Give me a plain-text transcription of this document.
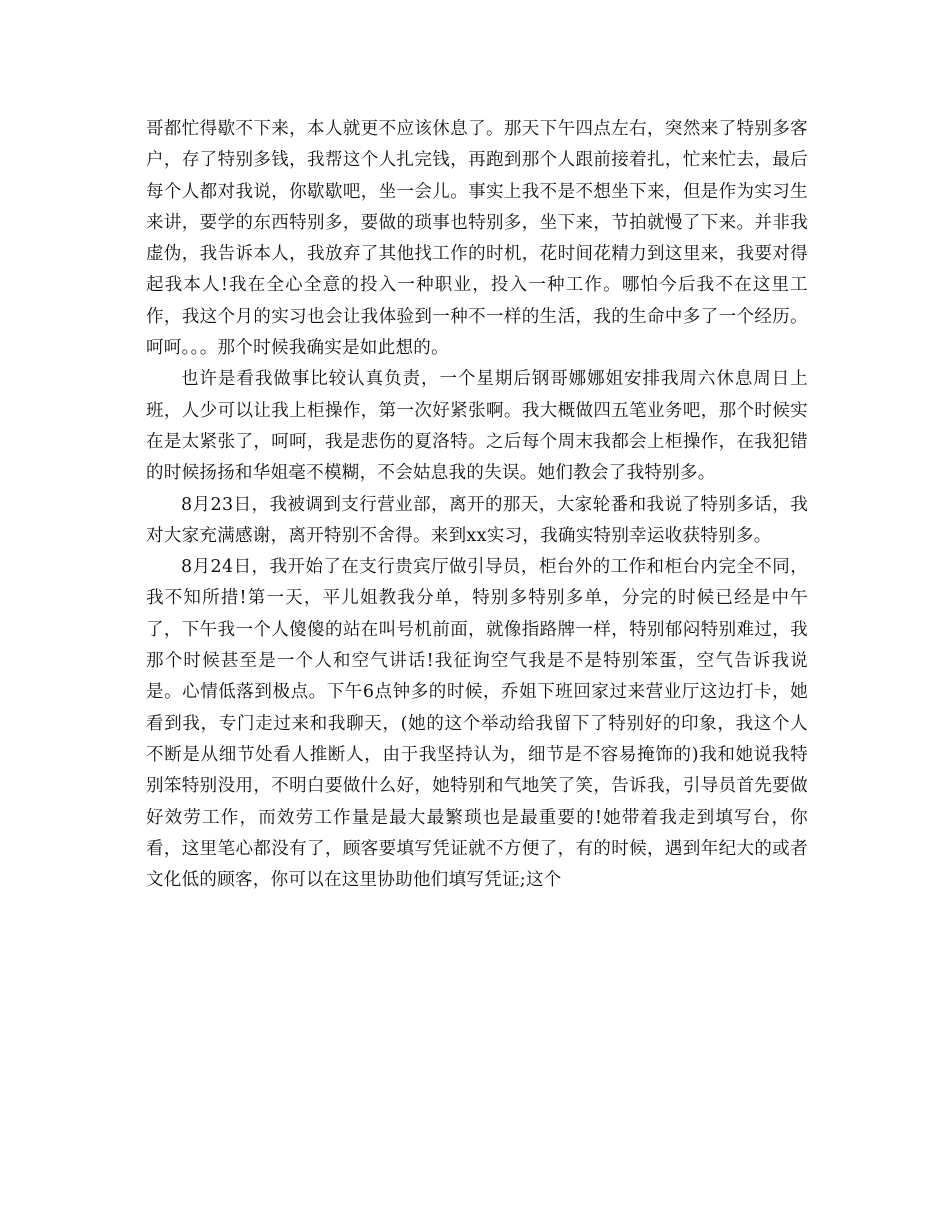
哥都忙得歇不下来，本人就更不应该休息了。那天下午四点左右，突然来了特别多客户，存了特别多钱，我帮这个人扎完钱，再跑到那个人跟前接着扎，忙来忙去，最后每个人都对我说，你歇歇吧，坐一会儿。事实上我不是不想坐下来，但是作为实习生来讲，要学的东西特别多，要做的琐事也特别多，坐下来，节拍就慢了下来。并非我虚伪，我告诉本人，我放弃了其他找工作的时机，花时间花精力到这里来，我要对得起我本人!我在全心全意的投入一种职业，投入一种工作。哪怕今后我不在这里工作，我这个月的实习也会让我体验到一种不一样的生活，我的生命中多了一个经历。呵呵。。。那个时候我确实是如此想的。

也许是看我做事比较认真负责，一个星期后钢哥娜娜姐安排我周六休息周日上班，人少可以让我上柜操作，第一次好紧张啊。我大概做四五笔业务吧，那个时候实在是太紧张了，呵呵，我是悲伤的夏洛特。之后每个周末我都会上柜操作，在我犯错的时候扬扬和华姐毫不模糊，不会姑息我的失误。她们教会了我特别多。

8月23日，我被调到支行营业部，离开的那天，大家轮番和我说了特别多话，我对大家充满感谢，离开特别不舍得。来到xx实习，我确实特别幸运收获特别多。

8月24日，我开始了在支行贵宾厅做引导员，柜台外的工作和柜台内完全不同，我不知所措!第一天，平儿姐教我分单，特别多特别多单，分完的时候已经是中午了，下午我一个人傻傻的站在叫号机前面，就像指路牌一样，特别郁闷特别难过，我那个时候甚至是一个人和空气讲话!我征询空气我是不是特别笨蛋，空气告诉我说是。心情低落到极点。下午6点钟多的时候，乔姐下班回家过来营业厅这边打卡，她看到我，专门走过来和我聊天，(她的这个举动给我留下了特别好的印象，我这个人不断是从细节处看人推断人，由于我坚持认为，细节是不容易掩饰的)我和她说我特别笨特别没用，不明白要做什么好，她特别和气地笑了笑，告诉我，引导员首先要做好效劳工作，而效劳工作量是最大最繁琐也是最重要的!她带着我走到填写台，你看，这里笔心都没有了，顾客要填写凭证就不方便了，有的时候，遇到年纪大的或者文化低的顾客，你可以在这里协助他们填写凭证;这个
